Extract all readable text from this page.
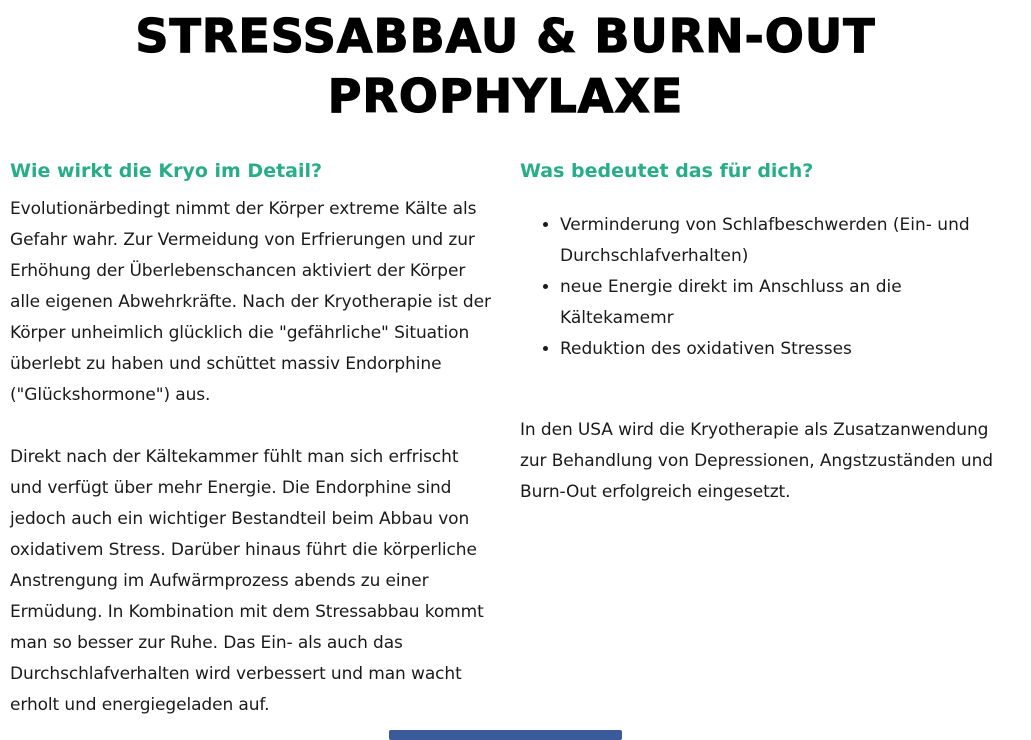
STRESSABBAU & BURN-OUT
PROPHYLAXE
Wie wirkt die Kryo im Detail?

Evolutionärbedingt nimmt der Körper extreme Kälte als Gefahr wahr. Zur Vermeidung von Erfrierungen und zur Erhöhung der Überlebenschancen aktiviert der Körper alle eigenen Abwehrkräfte. Nach der Kryotherapie ist der Körper unheimlich glücklich die "gefährliche" Situation überlebt zu haben und schüttet massiv Endorphine ("Glückshormone") aus.

Direkt nach der Kältekammer fühlt man sich erfrischt und verfügt über mehr Energie. Die Endorphine sind jedoch auch ein wichtiger Bestandteil beim Abbau von oxidativem Stress. Darüber hinaus führt die körperliche Anstrengung im Aufwärmprozess abends zu einer Ermüdung. In Kombination mit dem Stressabbau kommt man so besser zur Ruhe. Das Ein- als auch das Durchschlafverhalten wird verbessert und man wacht erholt und energiegeladen auf.

Was bedeutet das für dich?
• Verminderung von Schlafbeschwerden (Ein- und Durchschlafverhalten)
• neue Energie direkt im Anschluss an die Kältekamemr
• Reduktion des oxidativen Stresses

In den USA wird die Kryotherapie als Zusatzanwendung zur Behandlung von Depressionen, Angstzuständen und Burn-Out erfolgreich eingesetzt.
